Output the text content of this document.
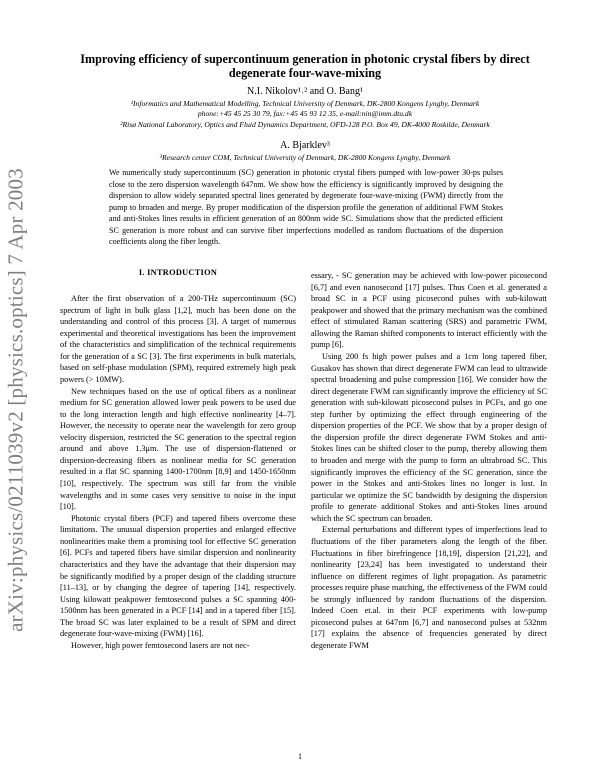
arXiv:physics/0211039v2 [physics.optics] 7 Apr 2003
Improving efficiency of supercontinuum generation in photonic crystal fibers by direct degenerate four-wave-mixing
N.I. Nikolov¹˒² and O. Bang¹
¹Informatics and Mathematical Modelling, Technical University of Denmark, DK-2800 Kongens Lyngby, Denmark
phone:+45 45 25 30 79, fax:+45 45 93 12 35, e-mail:nin@imm.dtu.dk
²Risø National Laboratory, Optics and Fluid Dynamics Department, OFD-128 P.O. Box 49, DK-4000 Roskilde, Denmark
A. Bjarklev³
³Research center COM, Technical University of Denmark, DK-2800 Kongens Lyngby, Denmark
We numerically study supercontinuum (SC) generation in photonic crystal fibers pumped with low-power 30-ps pulses close to the zero dispersion wavelength 647nm. We show how the efficiency is significantly improved by designing the dispersion to allow widely separated spectral lines generated by degenerate four-wave-mixing (FWM) directly from the pump to broaden and merge. By proper modification of the dispersion profile the generation of additional FWM Stokes and anti-Stokes lines results in efficient generation of an 800nm wide SC. Simulations show that the predicted efficient SC generation is more robust and can survive fiber imperfections modelled as random fluctuations of the dispersion coefficients along the fiber length.
I. INTRODUCTION

After the first observation of a 200-THz supercontinuum (SC) spectrum of light in bulk glass [1,2], much has been done on the understanding and control of this process [3]. A target of numerous experimental and theoretical investigations has been the improvement of the characteristics and simplification of the technical requirements for the generation of a SC [3]. The first experiments in bulk materials, based on self-phase modulation (SPM), required extremely high peak powers (> 10MW).

New techniques based on the use of optical fibers as a nonlinear medium for SC generation allowed lower peak powers to be used due to the long interaction length and high effective nonlinearity [4–7]. However, the necessity to operate near the wavelength for zero group velocity dispersion, restricted the SC generation to the spectral region around and above 1.3μm. The use of dispersion-flattened or dispersion-decreasing fibers as nonlinear media for SC generation resulted in a flat SC spanning 1400-1700nm [8,9] and 1450-1650nm [10], respectively. The spectrum was still far from the visible wavelengths and in some cases very sensitive to noise in the input [10].

Photonic crystal fibers (PCF) and tapered fibers overcome these limitations. The unusual dispersion properties and enlarged effective nonlinearities make them a promising tool for effective SC generation [6]. PCFs and tapered fibers have similar dispersion and nonlinearity characteristics and they have the advantage that their dispersion may be significantly modified by a proper design of the cladding structure [11–13], or by changing the degree of tapering [14], respectively. Using kilowatt peakpower femtosecond pulses a SC spanning 400-1500nm has been generated in a PCF [14] and in a tapered fiber [15]. The broad SC was later explained to be a result of SPM and direct degenerate four-wave-mixing (FWM) [16].

However, high power femtosecond lasers are not nec-

essary, - SC generation may be achieved with low-power picosecond [6,7] and even nanosecond [17] pulses. Thus Coen et al. generated a broad SC in a PCF using picosecond pulses with sub-kilowatt peakpower and showed that the primary mechanism was the combined effect of stimulated Raman scattering (SRS) and parametric FWM, allowing the Raman shifted components to interact efficiently with the pump [6].

Using 200 fs high power pulses and a 1cm long tapered fiber, Gusakov has shown that direct degenerate FWM can lead to ultrawide spectral broadening and pulse compression [16]. We consider how the direct degenerate FWM can significantly improve the efficiency of SC generation with sub-kilowatt picosecond pulses in PCFs, and go one step further by optimizing the effect through engineering of the dispersion properties of the PCF. We show that by a proper design of the dispersion profile the direct degenerate FWM Stokes and anti-Stokes lines can be shifted closer to the pump, thereby allowing them to broaden and merge with the pump to form an ultrabroad SC. This significantly improves the efficiency of the SC generation, since the power in the Stokes and anti-Stokes lines no longer is lost. In particular we optimize the SC bandwidth by designing the dispersion profile to generate additional Stokes and anti-Stokes lines around which the SC spectrum can broaden.

External perturbations and different types of imperfections lead to fluctuations of the fiber parameters along the length of the fiber. Fluctuations in fiber birefringence [18,19], dispersion [21,22], and nonlinearity [23,24] has been investigated to understand their influence on different regimes of light propagation. As parametric processes require phase matching, the effectiveness of the FWM could be strongly influenced by random fluctuations of the dispersion. Indeed Coen et.al. in their PCF experiments with low-pump picosecond pulses at 647nm [6,7] and nanosecond pulses at 532nm [17] explains the absence of frequencies generated by direct degenerate FWM

1
